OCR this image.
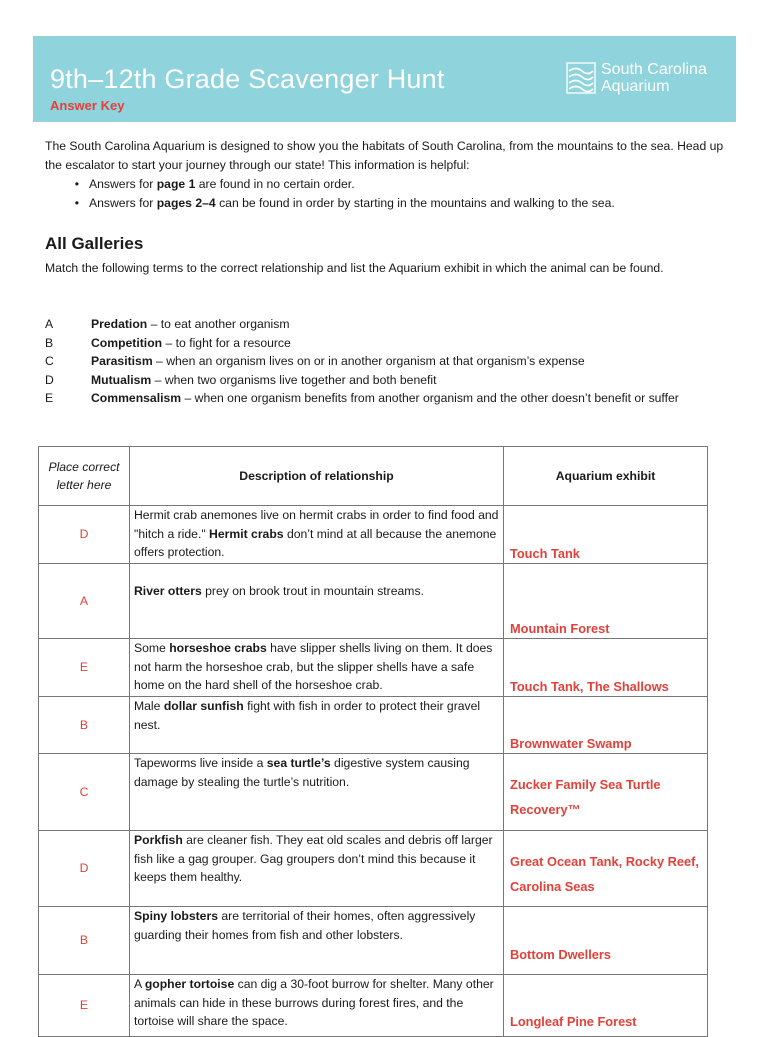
9th–12th Grade Scavenger Hunt
Answer Key
South Carolina
Aquarium
The South Carolina Aquarium is designed to show you the habitats of South Carolina, from the mountains to the sea. Head up the escalator to start your journey through our state! This information is helpful:
• Answers for page 1 are found in no certain order.
• Answers for pages 2–4 can be found in order by starting in the mountains and walking to the sea.
All Galleries
Match the following terms to the correct relationship and list the Aquarium exhibit in which the animal can be found.
A	Predation – to eat another organism
B	Competition – to fight for a resource
C	Parasitism – when an organism lives on or in another organism at that organism’s expense
D	Mutualism – when two organisms live together and both benefit
E	Commensalism – when one organism benefits from another organism and the other doesn’t benefit or suffer
Place correct letter here	Description of relationship	Aquarium exhibit
D	Hermit crab anemones live on hermit crabs in order to find food and "hitch a ride." Hermit crabs don’t mind at all because the anemone offers protection.	Touch Tank
A	River otters prey on brook trout in mountain streams.	Mountain Forest
E	Some horseshoe crabs have slipper shells living on them. It does not harm the horseshoe crab, but the slipper shells have a safe home on the hard shell of the horseshoe crab.	Touch Tank, The Shallows
B	Male dollar sunfish fight with fish in order to protect their gravel nest.	Brownwater Swamp
C	Tapeworms live inside a sea turtle’s digestive system causing damage by stealing the turtle’s nutrition.	Zucker Family Sea Turtle Recovery™
D	Porkfish are cleaner fish. They eat old scales and debris off larger fish like a gag grouper. Gag groupers don’t mind this because it keeps them healthy.	Great Ocean Tank, Rocky Reef, Carolina Seas
B	Spiny lobsters are territorial of their homes, often aggressively guarding their homes from fish and other lobsters.	Bottom Dwellers
E	A gopher tortoise can dig a 30-foot burrow for shelter. Many other animals can hide in these burrows during forest fires, and the tortoise will share the space.	Longleaf Pine Forest
